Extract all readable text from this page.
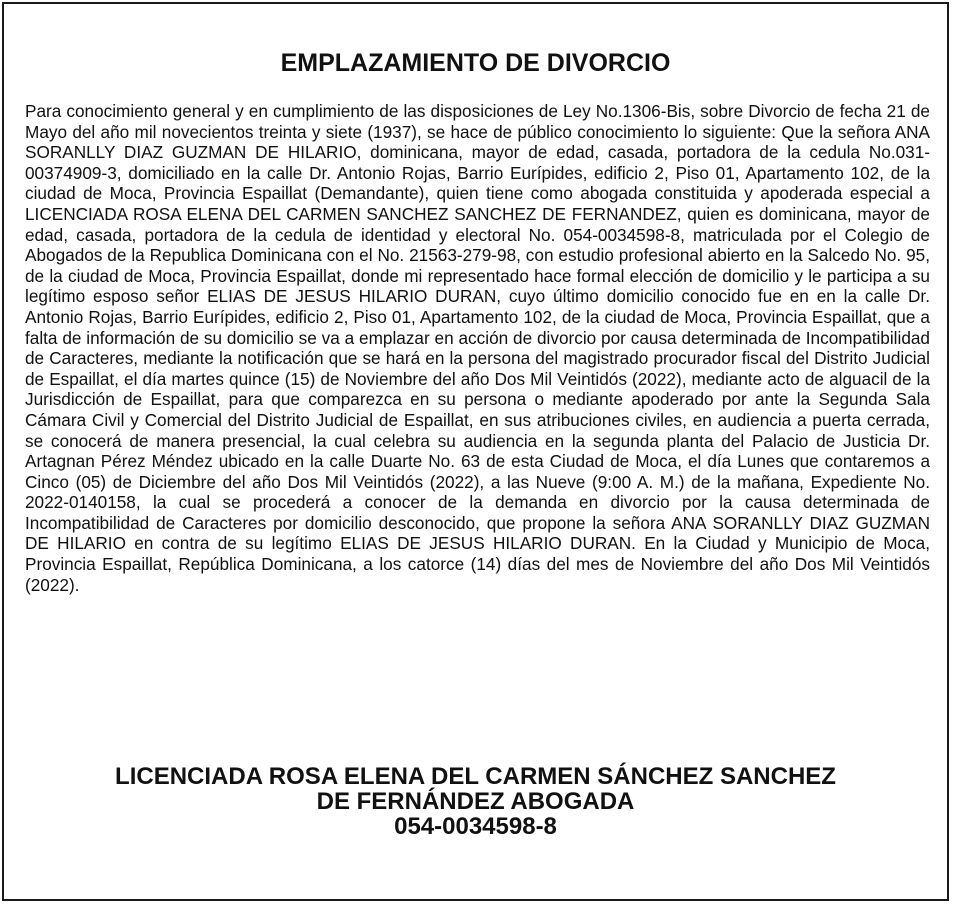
EMPLAZAMIENTO DE DIVORCIO

Para conocimiento general y en cumplimiento de las disposiciones de Ley No.1306-Bis, sobre Divorcio de fecha 21 de Mayo del año mil novecientos treinta y siete (1937), se hace de público conocimiento lo siguiente: Que la señora ANA SORANLLY DIAZ GUZMAN DE HILARIO, dominicana, mayor de edad, casada, portadora de la cedula No.031-00374909-3, domiciliado en la calle Dr. Antonio Rojas, Barrio Eurípides, edificio 2, Piso 01, Apartamento 102, de la ciudad de Moca, Provincia Espaillat (Demandante), quien tiene como abogada constituida y apoderada especial a LICENCIADA ROSA ELENA DEL CARMEN SANCHEZ SANCHEZ DE FERNANDEZ, quien es dominicana, mayor de edad, casada, portadora de la cedula de identidad y electoral No. 054-0034598-8, matriculada por el Colegio de Abogados de la Republica Dominicana con el No. 21563-279-98, con estudio profesional abierto en la Salcedo No. 95, de la ciudad de Moca, Provincia Espaillat, donde mi representado hace formal elección de domicilio y le participa a su legítimo esposo señor ELIAS DE JESUS HILARIO DURAN, cuyo último domicilio conocido fue en en la calle Dr. Antonio Rojas, Barrio Eurípides, edificio 2, Piso 01, Apartamento 102, de la ciudad de Moca, Provincia Espaillat, que a falta de información de su domicilio se va a emplazar en acción de divorcio por causa determinada de Incompatibilidad de Caracteres, mediante la notificación que se hará en la persona del magistrado procurador fiscal del Distrito Judicial de Espaillat, el día martes quince (15) de Noviembre del año Dos Mil Veintidós (2022), mediante acto de alguacil de la Jurisdicción de Espaillat, para que comparezca en su persona o mediante apoderado por ante la Segunda Sala Cámara Civil y Comercial del Distrito Judicial de Espaillat, en sus atribuciones civiles, en audiencia a puerta cerrada, se conocerá de manera presencial, la cual celebra su audiencia en la segunda planta del Palacio de Justicia Dr. Artagnan Pérez Méndez ubicado en la calle Duarte No. 63 de esta Ciudad de Moca, el día Lunes que contaremos a Cinco (05) de Diciembre del año Dos Mil Veintidós (2022), a las Nueve (9:00 A. M.) de la mañana, Expediente No. 2022-0140158, la cual se procederá a conocer de la demanda en divorcio por la causa determinada de Incompatibilidad de Caracteres por domicilio desconocido, que propone la señora ANA SORANLLY DIAZ GUZMAN DE HILARIO en contra de su legítimo ELIAS DE JESUS HILARIO DURAN. En la Ciudad y Municipio de Moca, Provincia Espaillat, República Dominicana, a los catorce (14) días del mes de Noviembre del año Dos Mil Veintidós (2022).

LICENCIADA ROSA ELENA DEL CARMEN SÁNCHEZ SANCHEZ
DE FERNÁNDEZ ABOGADA
054-0034598-8
